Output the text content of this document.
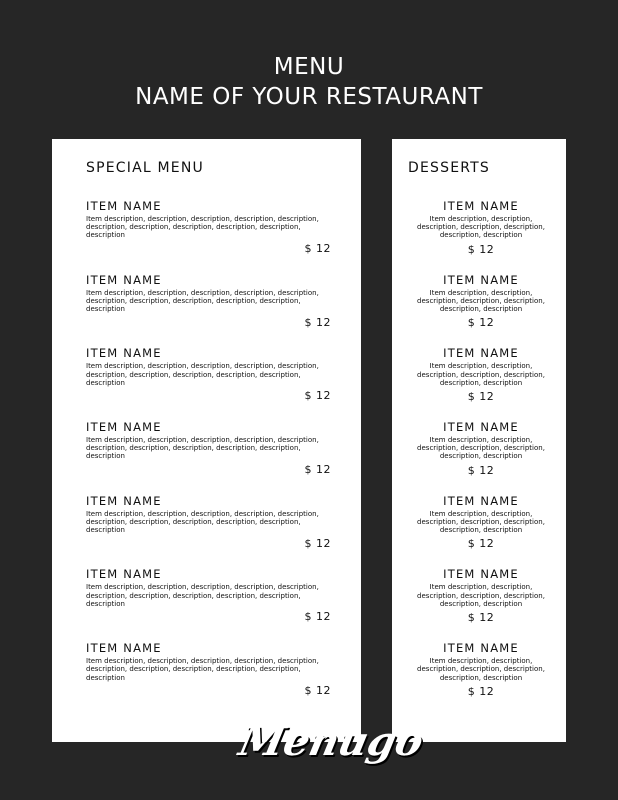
MENU
NAME OF YOUR RESTAURANT
SPECIAL MENU
ITEM NAME
Item description, description, description, description, description, description, description, description, description, description, description
$ 12
ITEM NAME
Item description, description, description, description, description, description, description, description, description, description, description
$ 12
ITEM NAME
Item description, description, description, description, description, description, description, description, description, description, description
$ 12
ITEM NAME
Item description, description, description, description, description, description, description, description, description, description, description
$ 12
ITEM NAME
Item description, description, description, description, description, description, description, description, description, description, description
$ 12
ITEM NAME
Item description, description, description, description, description, description, description, description, description, description, description
$ 12
ITEM NAME
Item description, description, description, description, description, description, description, description, description, description, description
$ 12
DESSERTS
ITEM NAME
Item description, description, description, description, description, description, description
$ 12
ITEM NAME
Item description, description, description, description, description, description, description
$ 12
ITEM NAME
Item description, description, description, description, description, description, description
$ 12
ITEM NAME
Item description, description, description, description, description, description, description
$ 12
ITEM NAME
Item description, description, description, description, description, description, description
$ 12
ITEM NAME
Item description, description, description, description, description, description, description
$ 12
ITEM NAME
Item description, description, description, description, description, description, description
$ 12
Menugo
